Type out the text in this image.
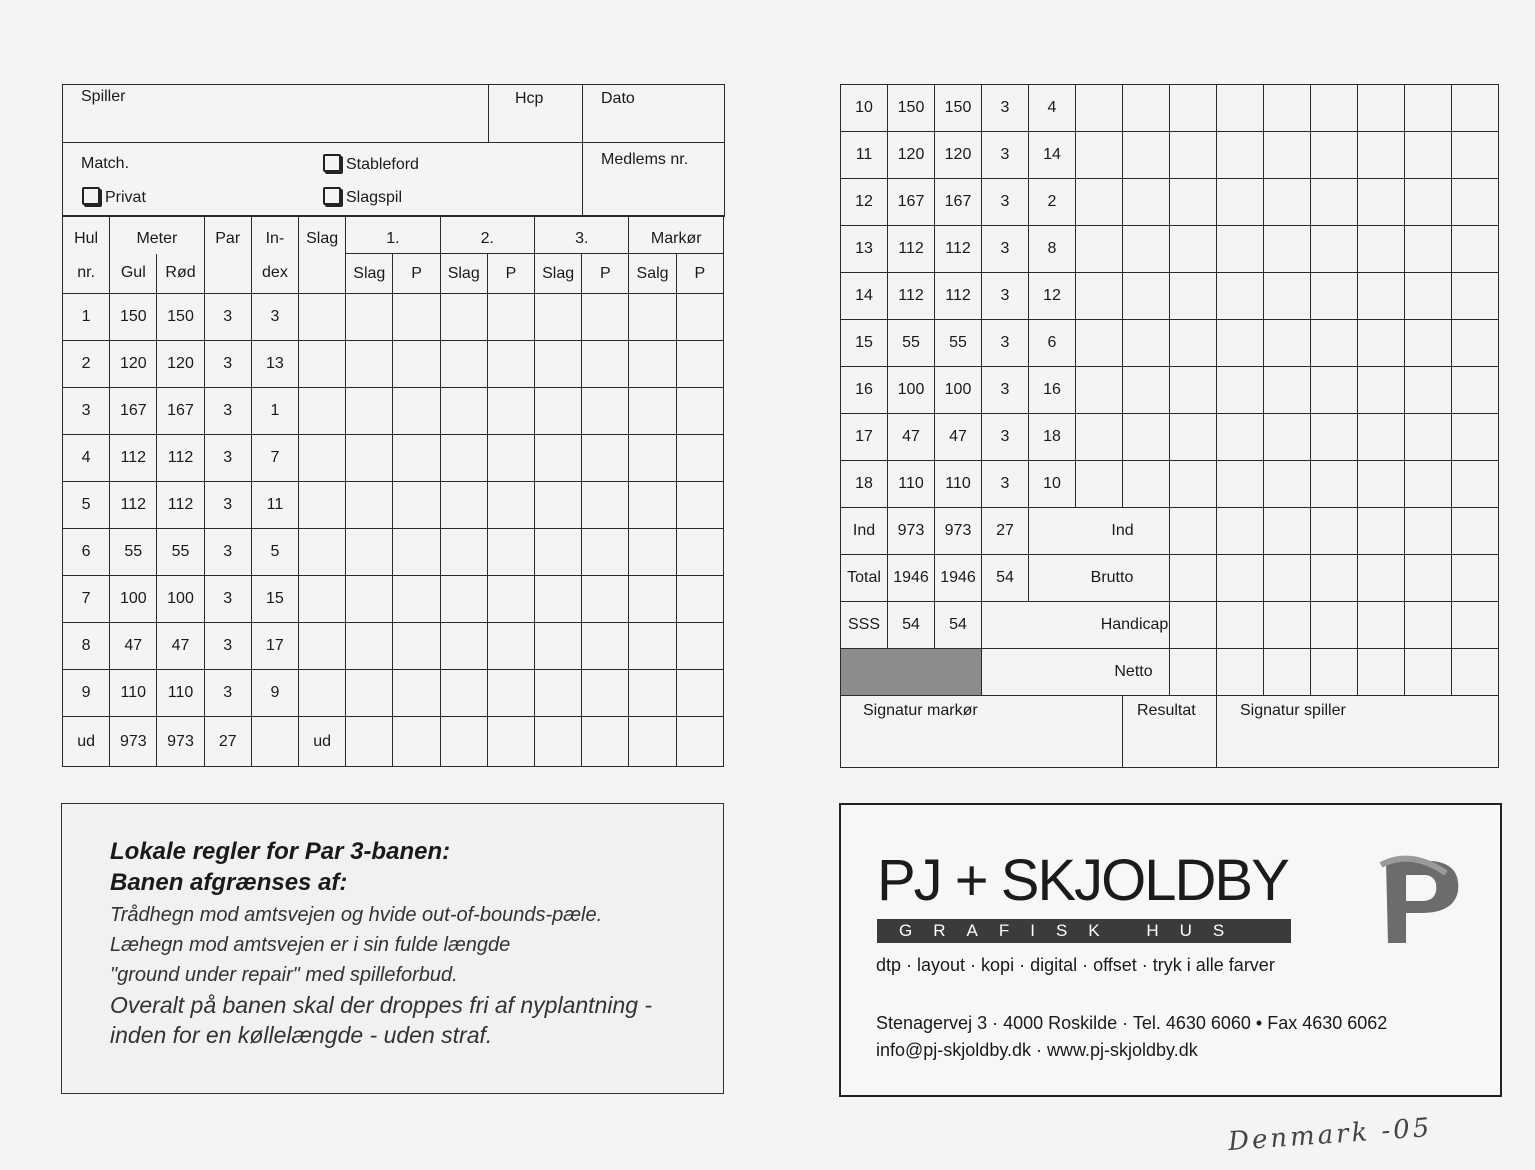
Spiller	Hcp	Dato
Match.
Privat
Stableford
Slagspil
Medlems nr.
Hul	Meter		Par	In-	Slag	1.		2.		3.		Markør	
nr.	Gul	Rød		dex		Slag	P	Slag	P	Slag	P	Salg	P
1	150	150	3	3									
2	120	120	3	13									
3	167	167	3	1									
4	112	112	3	7									
5	112	112	3	11									
6	55	55	3	5									
7	100	100	3	15									
8	47	47	3	17									
9	110	110	3	9									
ud	973	973	27		ud								
10	150	150	3	4									
11	120	120	3	14									
12	167	167	3	2									
13	112	112	3	8									
14	112	112	3	12									
15	55	55	3	6									
16	100	100	3	16									
17	47	47	3	18									
18	110	110	3	10									
Ind	973	973	27	Ind									
Total	1946	1946	54	Brutto									
SSS	54	54	Handicap										
			Netto										
Signatur markør						Resultat		Signatur spiller					
Lokale regler for Par 3-banen:
Banen afgrænses af:
Trådhegn mod amtsvejen og hvide out-of-bounds-pæle.
Læhegn mod amtsvejen er i sin fulde længde
"ground under repair" med spilleforbud.
Overalt på banen skal der droppes fri af nyplantning -
inden for en køllelængde - uden straf.
PJ + SKJOLDBY
GRAFISK HUS
dtp · layout · kopi · digital · offset · tryk i alle farver
Stenagervej 3 · 4000 Roskilde · Tel. 4630 6060 • Fax 4630 6062
info@pj-skjoldby.dk · www.pj-skjoldby.dk
Denmark -05
